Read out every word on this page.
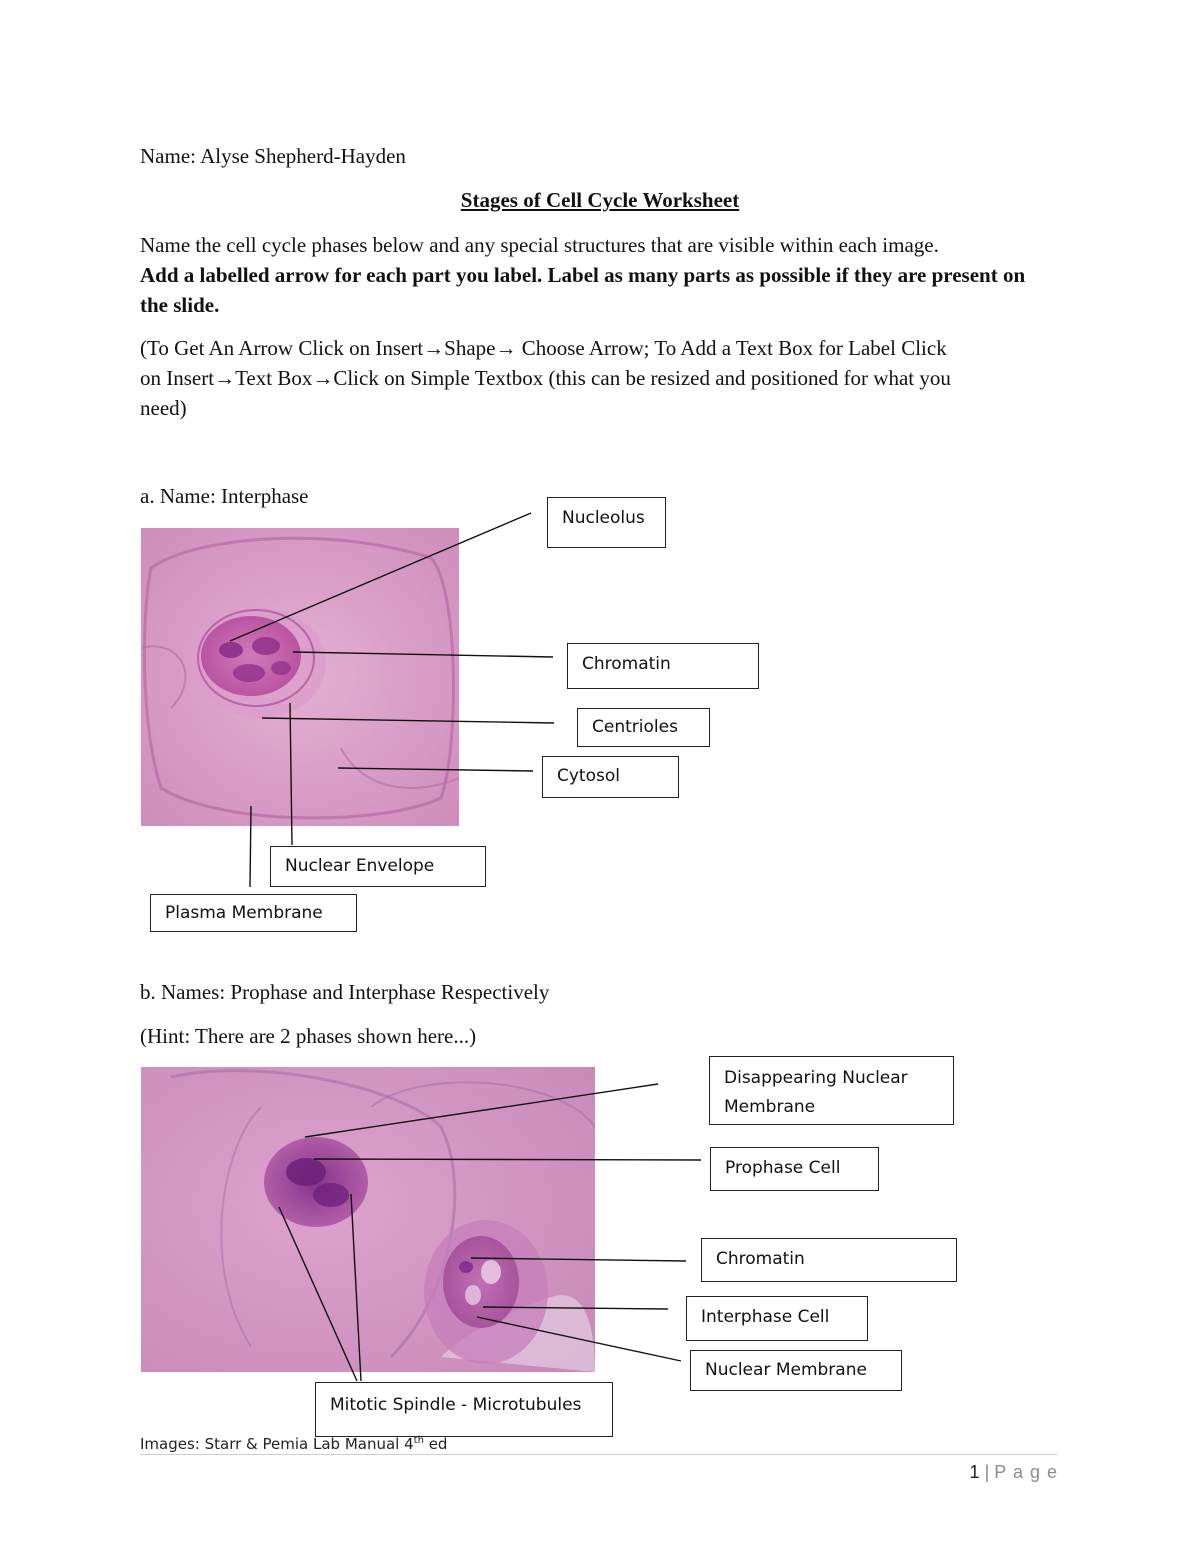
Name: Alyse Shepherd-Hayden
Stages of Cell Cycle Worksheet
Name the cell cycle phases below and any special structures that are visible within each image.
Add a labelled arrow for each part you label. Label as many parts as possible if they are present on the slide.
(To Get An Arrow Click on Insert→Shape→ Choose Arrow; To Add a Text Box for Label Click
on Insert→Text Box→Click on Simple Textbox (this can be resized and positioned for what you
need)
a. Name: Interphase
Nucleolus
Chromatin
Centrioles
Cytosol
Nuclear Envelope
Plasma Membrane
b. Names: Prophase and Interphase Respectively
(Hint: There are 2 phases shown here...)
Disappearing Nuclear
Membrane
Prophase Cell
Chromatin
Interphase Cell
Nuclear Membrane
Mitotic Spindle - Microtubules
Images: Starr & Pemia Lab Manual 4th ed
1 | P a g e
